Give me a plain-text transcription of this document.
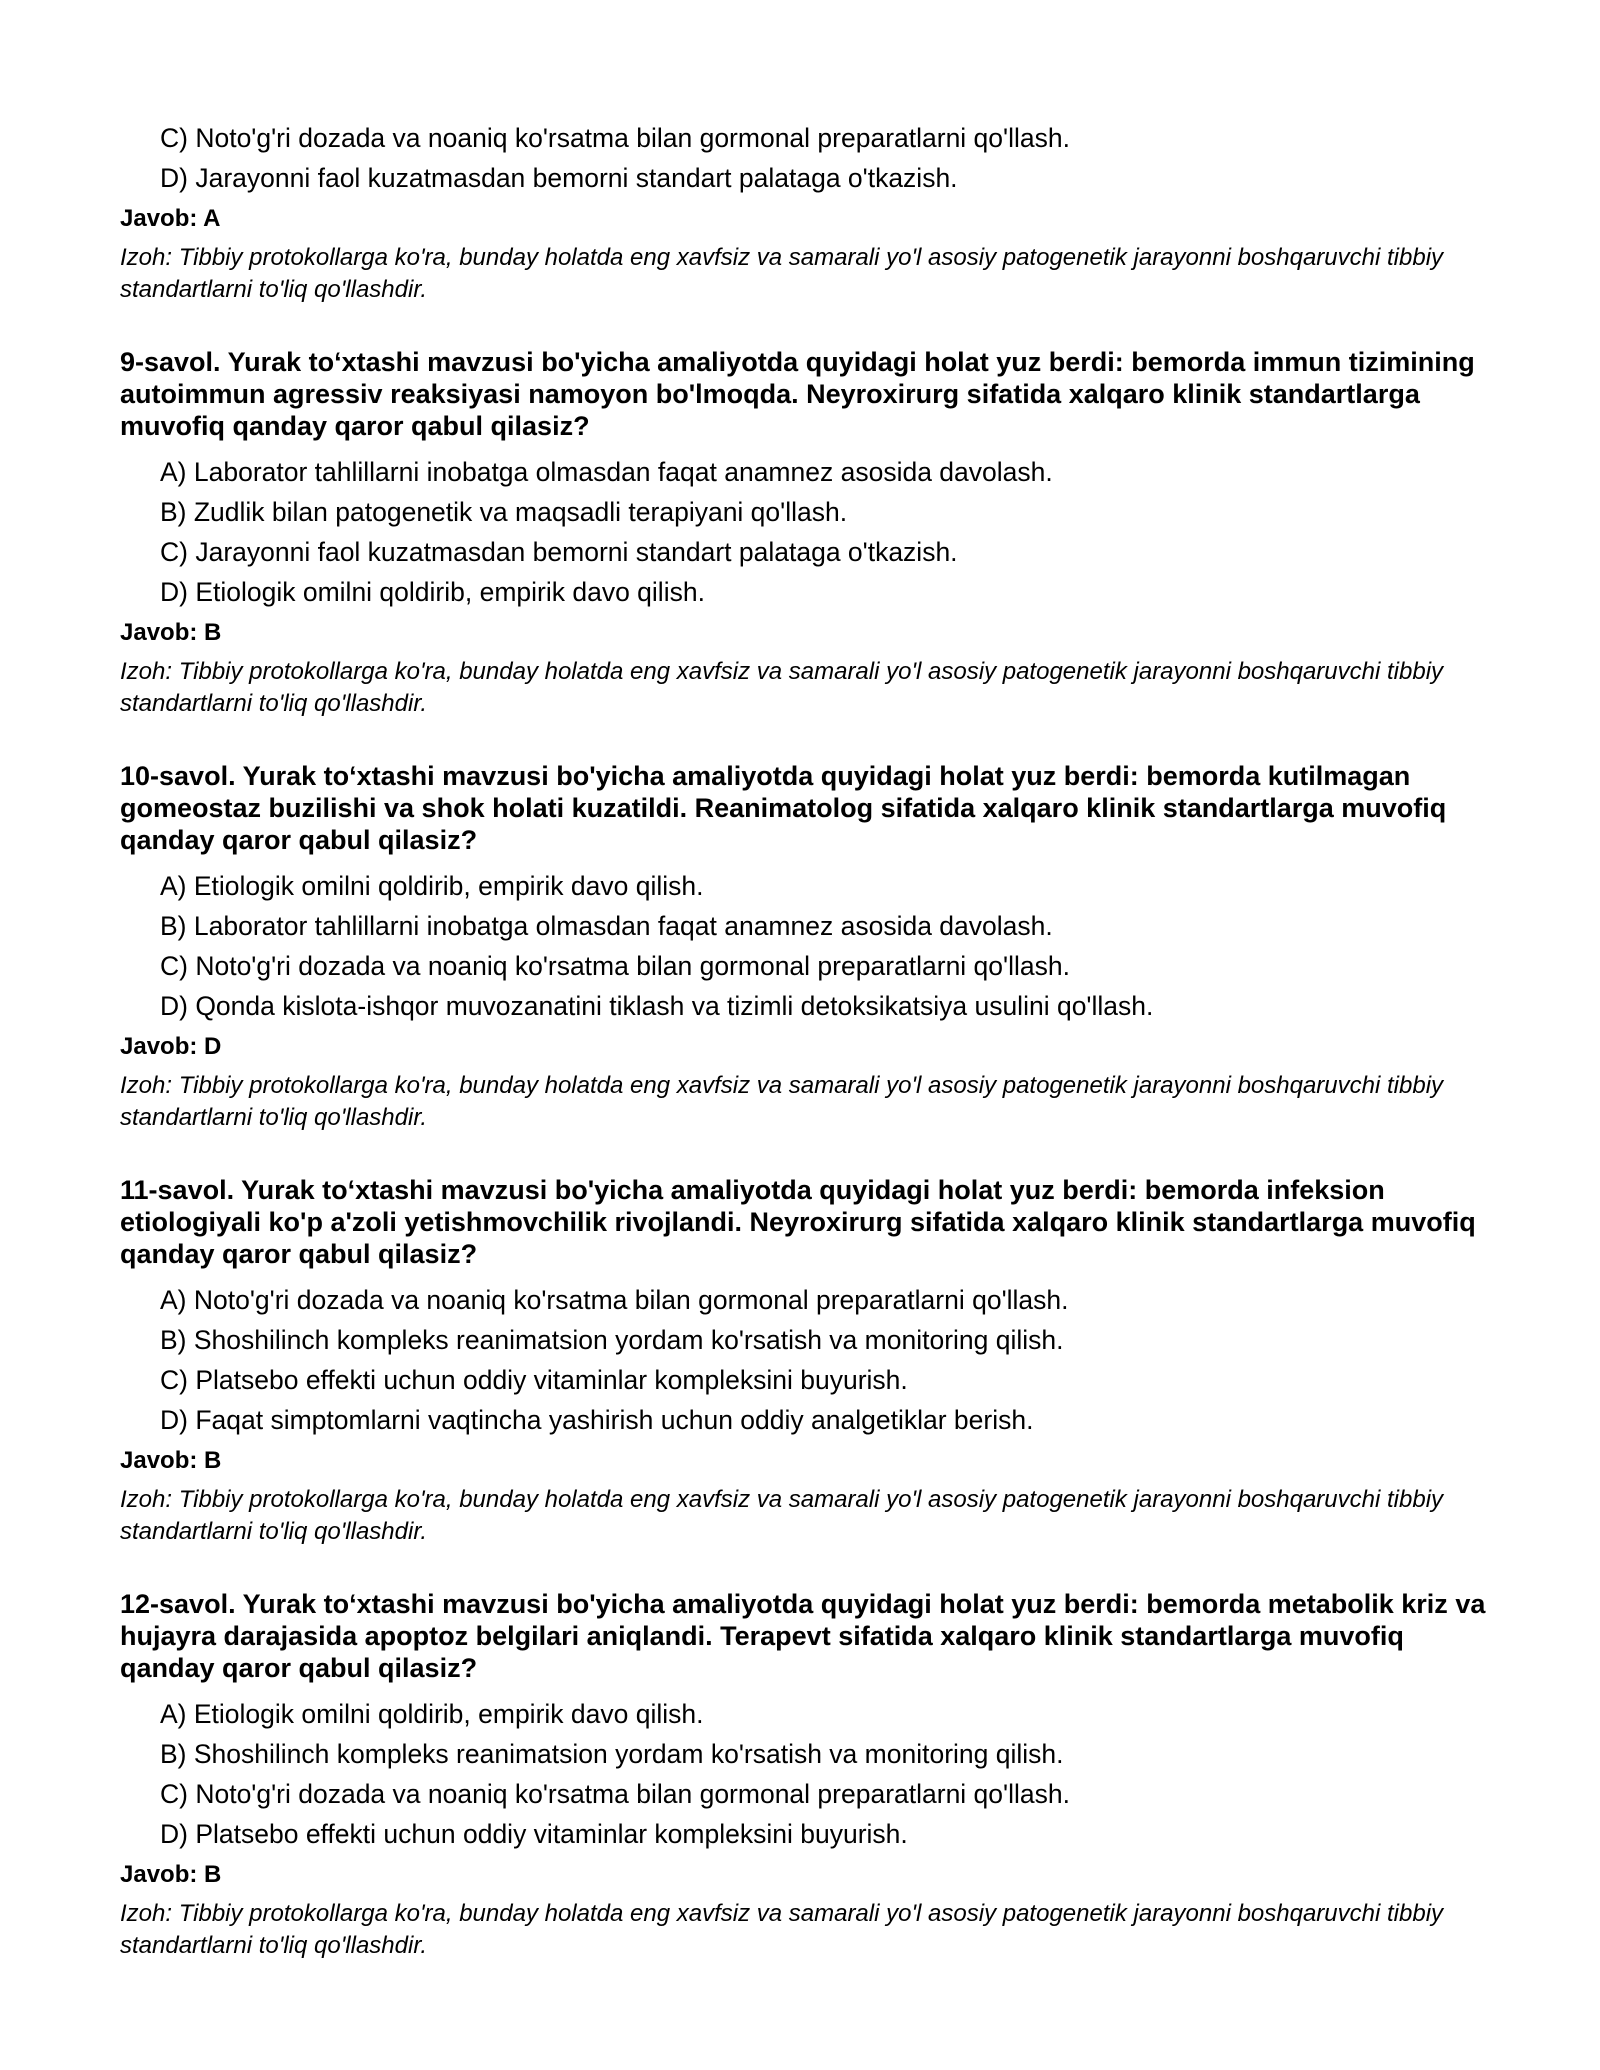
C) Noto'g'ri dozada va noaniq ko'rsatma bilan gormonal preparatlarni qo'llash.
D) Jarayonni faol kuzatmasdan bemorni standart palataga o'tkazish.
Javob: A
Izoh: Tibbiy protokollarga ko'ra, bunday holatda eng xavfsiz va samarali yo'l asosiy patogenetik jarayonni boshqaruvchi tibbiy standartlarni to'liq qo'llashdir.
9-savol. Yurak to‘xtashi mavzusi bo'yicha amaliyotda quyidagi holat yuz berdi: bemorda immun tizimining autoimmun agressiv reaksiyasi namoyon bo'lmoqda. Neyroxirurg sifatida xalqaro klinik standartlarga muvofiq qanday qaror qabul qilasiz?
A) Laborator tahlillarni inobatga olmasdan faqat anamnez asosida davolash.
B) Zudlik bilan patogenetik va maqsadli terapiyani qo'llash.
C) Jarayonni faol kuzatmasdan bemorni standart palataga o'tkazish.
D) Etiologik omilni qoldirib, empirik davo qilish.
Javob: B
Izoh: Tibbiy protokollarga ko'ra, bunday holatda eng xavfsiz va samarali yo'l asosiy patogenetik jarayonni boshqaruvchi tibbiy standartlarni to'liq qo'llashdir.
10-savol. Yurak to‘xtashi mavzusi bo'yicha amaliyotda quyidagi holat yuz berdi: bemorda kutilmagan gomeostaz buzilishi va shok holati kuzatildi. Reanimatolog sifatida xalqaro klinik standartlarga muvofiq qanday qaror qabul qilasiz?
A) Etiologik omilni qoldirib, empirik davo qilish.
B) Laborator tahlillarni inobatga olmasdan faqat anamnez asosida davolash.
C) Noto'g'ri dozada va noaniq ko'rsatma bilan gormonal preparatlarni qo'llash.
D) Qonda kislota-ishqor muvozanatini tiklash va tizimli detoksikatsiya usulini qo'llash.
Javob: D
Izoh: Tibbiy protokollarga ko'ra, bunday holatda eng xavfsiz va samarali yo'l asosiy patogenetik jarayonni boshqaruvchi tibbiy standartlarni to'liq qo'llashdir.
11-savol. Yurak to‘xtashi mavzusi bo'yicha amaliyotda quyidagi holat yuz berdi: bemorda infeksion etiologiyali ko'p a'zoli yetishmovchilik rivojlandi. Neyroxirurg sifatida xalqaro klinik standartlarga muvofiq qanday qaror qabul qilasiz?
A) Noto'g'ri dozada va noaniq ko'rsatma bilan gormonal preparatlarni qo'llash.
B) Shoshilinch kompleks reanimatsion yordam ko'rsatish va monitoring qilish.
C) Platsebo effekti uchun oddiy vitaminlar kompleksini buyurish.
D) Faqat simptomlarni vaqtincha yashirish uchun oddiy analgetiklar berish.
Javob: B
Izoh: Tibbiy protokollarga ko'ra, bunday holatda eng xavfsiz va samarali yo'l asosiy patogenetik jarayonni boshqaruvchi tibbiy standartlarni to'liq qo'llashdir.
12-savol. Yurak to‘xtashi mavzusi bo'yicha amaliyotda quyidagi holat yuz berdi: bemorda metabolik kriz va hujayra darajasida apoptoz belgilari aniqlandi. Terapevt sifatida xalqaro klinik standartlarga muvofiq qanday qaror qabul qilasiz?
A) Etiologik omilni qoldirib, empirik davo qilish.
B) Shoshilinch kompleks reanimatsion yordam ko'rsatish va monitoring qilish.
C) Noto'g'ri dozada va noaniq ko'rsatma bilan gormonal preparatlarni qo'llash.
D) Platsebo effekti uchun oddiy vitaminlar kompleksini buyurish.
Javob: B
Izoh: Tibbiy protokollarga ko'ra, bunday holatda eng xavfsiz va samarali yo'l asosiy patogenetik jarayonni boshqaruvchi tibbiy standartlarni to'liq qo'llashdir.
